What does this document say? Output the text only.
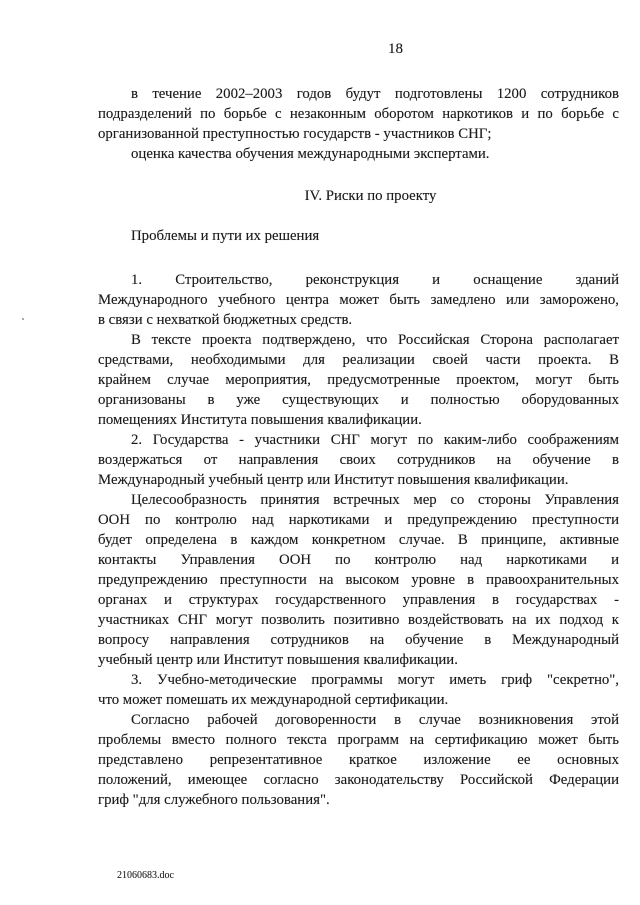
18
в течение 2002–2003 годов будут подготовлены 1200 сотрудников
подразделений по борьбе с незаконным оборотом наркотиков и по борьбе с
организованной преступностью государств - участников СНГ;
оценка качества обучения международными экспертами.
IV. Риски по проекту
Проблемы и пути их решения
1. Строительство, реконструкция и оснащение зданий
Международного учебного центра может быть замедлено или заморожено,
в связи с нехваткой бюджетных средств.
В тексте проекта подтверждено, что Российская Сторона располагает
средствами, необходимыми для реализации своей части проекта. В
крайнем случае мероприятия, предусмотренные проектом, могут быть
организованы в уже существующих и полностью оборудованных
помещениях Института повышения квалификации.
2. Государства - участники СНГ могут по каким-либо соображениям
воздержаться от направления своих сотрудников на обучение в
Международный учебный центр или Институт повышения квалификации.
Целесообразность принятия встречных мер со стороны Управления
ООН по контролю над наркотиками и предупреждению преступности
будет определена в каждом конкретном случае. В принципе, активные
контакты Управления ООН по контролю над наркотиками и
предупреждению преступности на высоком уровне в правоохранительных
органах и структурах государственного управления в государствах -
участниках СНГ могут позволить позитивно воздействовать на их подход к
вопросу направления сотрудников на обучение в Международный
учебный центр или Институт повышения квалификации.
3. Учебно-методические программы могут иметь гриф "секретно",
что может помешать их международной сертификации.
Согласно рабочей договоренности в случае возникновения этой
проблемы вместо полного текста программ на сертификацию может быть
представлено репрезентативное краткое изложение ее основных
положений, имеющее согласно законодательству Российской Федерации
гриф "для служебного пользования".
21060683.doc
